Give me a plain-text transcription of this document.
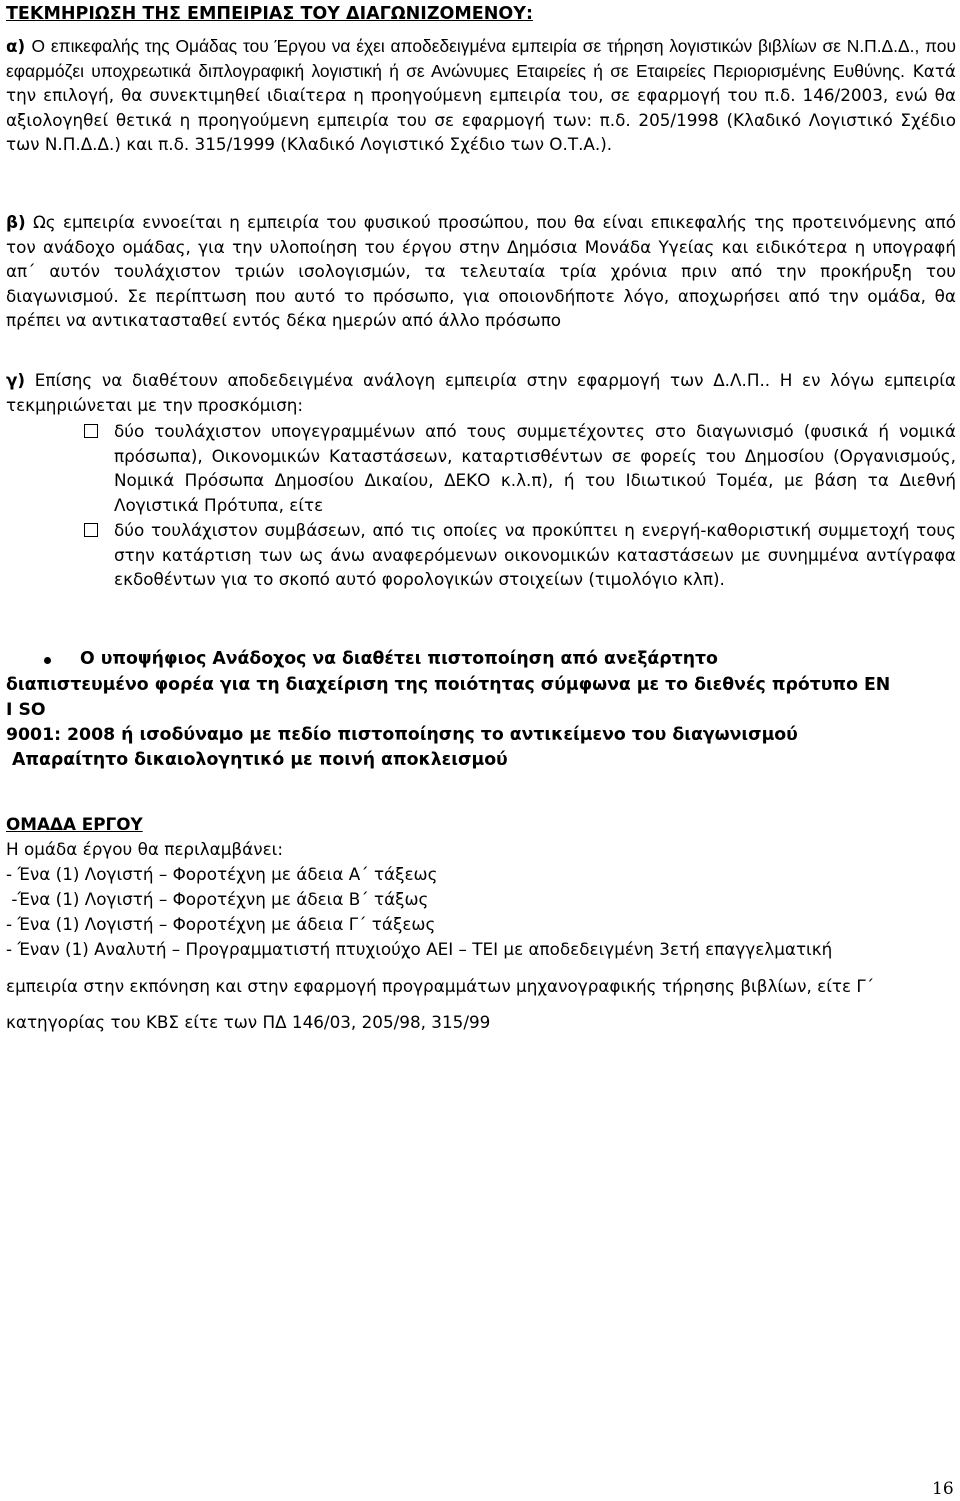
ΤΕΚΜΗΡΙΩΣΗ ΤΗΣ ΕΜΠΕΙΡΙΑΣ ΤΟΥ ΔΙΑΓΩΝΙΖΟΜΕΝΟΥ:
α) Ο επικεφαλής της Ομάδας του Έργου να έχει αποδεδειγμένα εμπειρία σε τήρηση λογιστικών βιβλίων σε Ν.Π.Δ.Δ., που εφαρμόζει υποχρεωτικά διπλογραφική λογιστική ή σε Ανώνυμες Εταιρείες ή σε Εταιρείες Περιορισμένης Ευθύνης. Κατά την επιλογή, θα συνεκτιμηθεί ιδιαίτερα η προηγούμενη εμπειρία του, σε εφαρμογή του π.δ. 146/2003, ενώ θα αξιολογηθεί θετικά η προηγούμενη εμπειρία του σε εφαρμογή των: π.δ. 205/1998 (Κλαδικό Λογιστικό Σχέδιο των Ν.Π.Δ.Δ.) και π.δ. 315/1999 (Κλαδικό Λογιστικό Σχέδιο των Ο.Τ.Α.).
β) Ως εμπειρία εννοείται η εμπειρία του φυσικού προσώπου, που θα είναι επικεφαλής της προτεινόμενης από τον ανάδοχο ομάδας, για την υλοποίηση του έργου στην Δημόσια Μονάδα Υγείας και ειδικότερα η υπογραφή απ΄ αυτόν τουλάχιστον τριών ισολογισμών, τα τελευταία τρία χρόνια πριν από την προκήρυξη του διαγωνισμού. Σε περίπτωση που αυτό το πρόσωπο, για οποιονδήποτε λόγο, αποχωρήσει από την ομάδα, θα πρέπει να αντικατασταθεί εντός δέκα ημερών από άλλο πρόσωπο
γ) Επίσης να διαθέτουν αποδεδειγμένα ανάλογη εμπειρία στην εφαρμογή των Δ.Λ.Π.. Η εν λόγω εμπειρία τεκμηριώνεται με την προσκόμιση:
δύο τουλάχιστον υπογεγραμμένων από τους συμμετέχοντες στο διαγωνισμό (φυσικά ή νομικά πρόσωπα), Οικονομικών Καταστάσεων, καταρτισθέντων σε φορείς του Δημοσίου (Οργανισμούς, Νομικά Πρόσωπα Δημοσίου Δικαίου, ΔΕΚΟ κ.λ.π), ή του Ιδιωτικού Τομέα, με βάση τα Διεθνή Λογιστικά Πρότυπα, είτε
δύο τουλάχιστον συμβάσεων, από τις οποίες να προκύπτει η ενεργή-καθοριστική συμμετοχή τους στην κατάρτιση των ως άνω αναφερόμενων οικονομικών καταστάσεων με συνημμένα αντίγραφα εκδοθέντων για το σκοπό αυτό φορολογικών στοιχείων (τιμολόγιο κλπ).
Ο υποψήφιος Ανάδοχος να διαθέτει πιστοποίηση από ανεξάρτητο
διαπιστευμένο φορέα για τη διαχείριση της ποιότητας σύμφωνα με το διεθνές πρότυπο ΕΝ
I SO
9001: 2008 ή ισοδύναμο με πεδίο πιστοποίησης το αντικείμενο του διαγωνισμού
Απαραίτητο δικαιολογητικό με ποινή αποκλεισμού
ΟΜΑΔΑ ΕΡΓΟΥ
Η ομάδα έργου θα περιλαμβάνει:
- Ένα (1) Λογιστή – Φοροτέχνη με άδεια Α΄ τάξεως
-Ένα (1) Λογιστή – Φοροτέχνη με άδεια Β΄ τάξως
- Ένα (1) Λογιστή – Φοροτέχνη με άδεια Γ΄ τάξεως
- Έναν (1) Αναλυτή – Προγραμματιστή πτυχιούχο ΑΕΙ – ΤΕΙ με αποδεδειγμένη 3ετή επαγγελματική
εμπειρία στην εκπόνηση και στην εφαρμογή προγραμμάτων μηχανογραφικής τήρησης βιβλίων, είτε Γ΄
κατηγορίας του ΚΒΣ είτε των ΠΔ 146/03, 205/98, 315/99
16
